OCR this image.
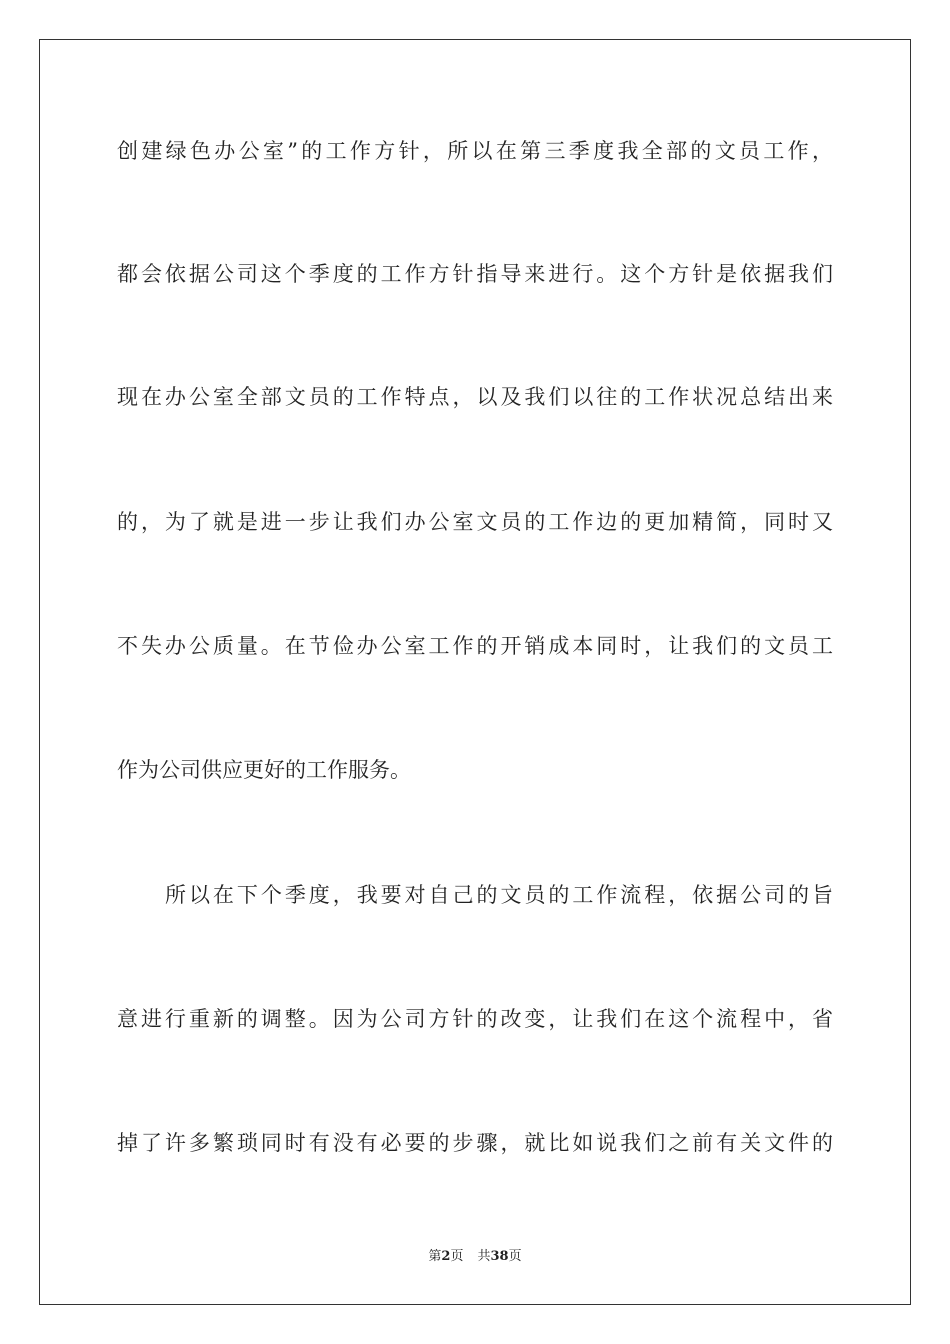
创建绿色办公室”的工作方针，所以在第三季度我全部的文员工作，
都会依据公司这个季度的工作方针指导来进行。这个方针是依据我们
现在办公室全部文员的工作特点，以及我们以往的工作状况总结出来
的，为了就是进一步让我们办公室文员的工作边的更加精简，同时又
不失办公质量。在节俭办公室工作的开销成本同时，让我们的文员工
作为公司供应更好的工作服务。
所以在下个季度，我要对自己的文员的工作流程，依据公司的旨
意进行重新的调整。因为公司方针的改变，让我们在这个流程中，省
掉了许多繁琐同时有没有必要的步骤，就比如说我们之前有关文件的
第2页 共38页
